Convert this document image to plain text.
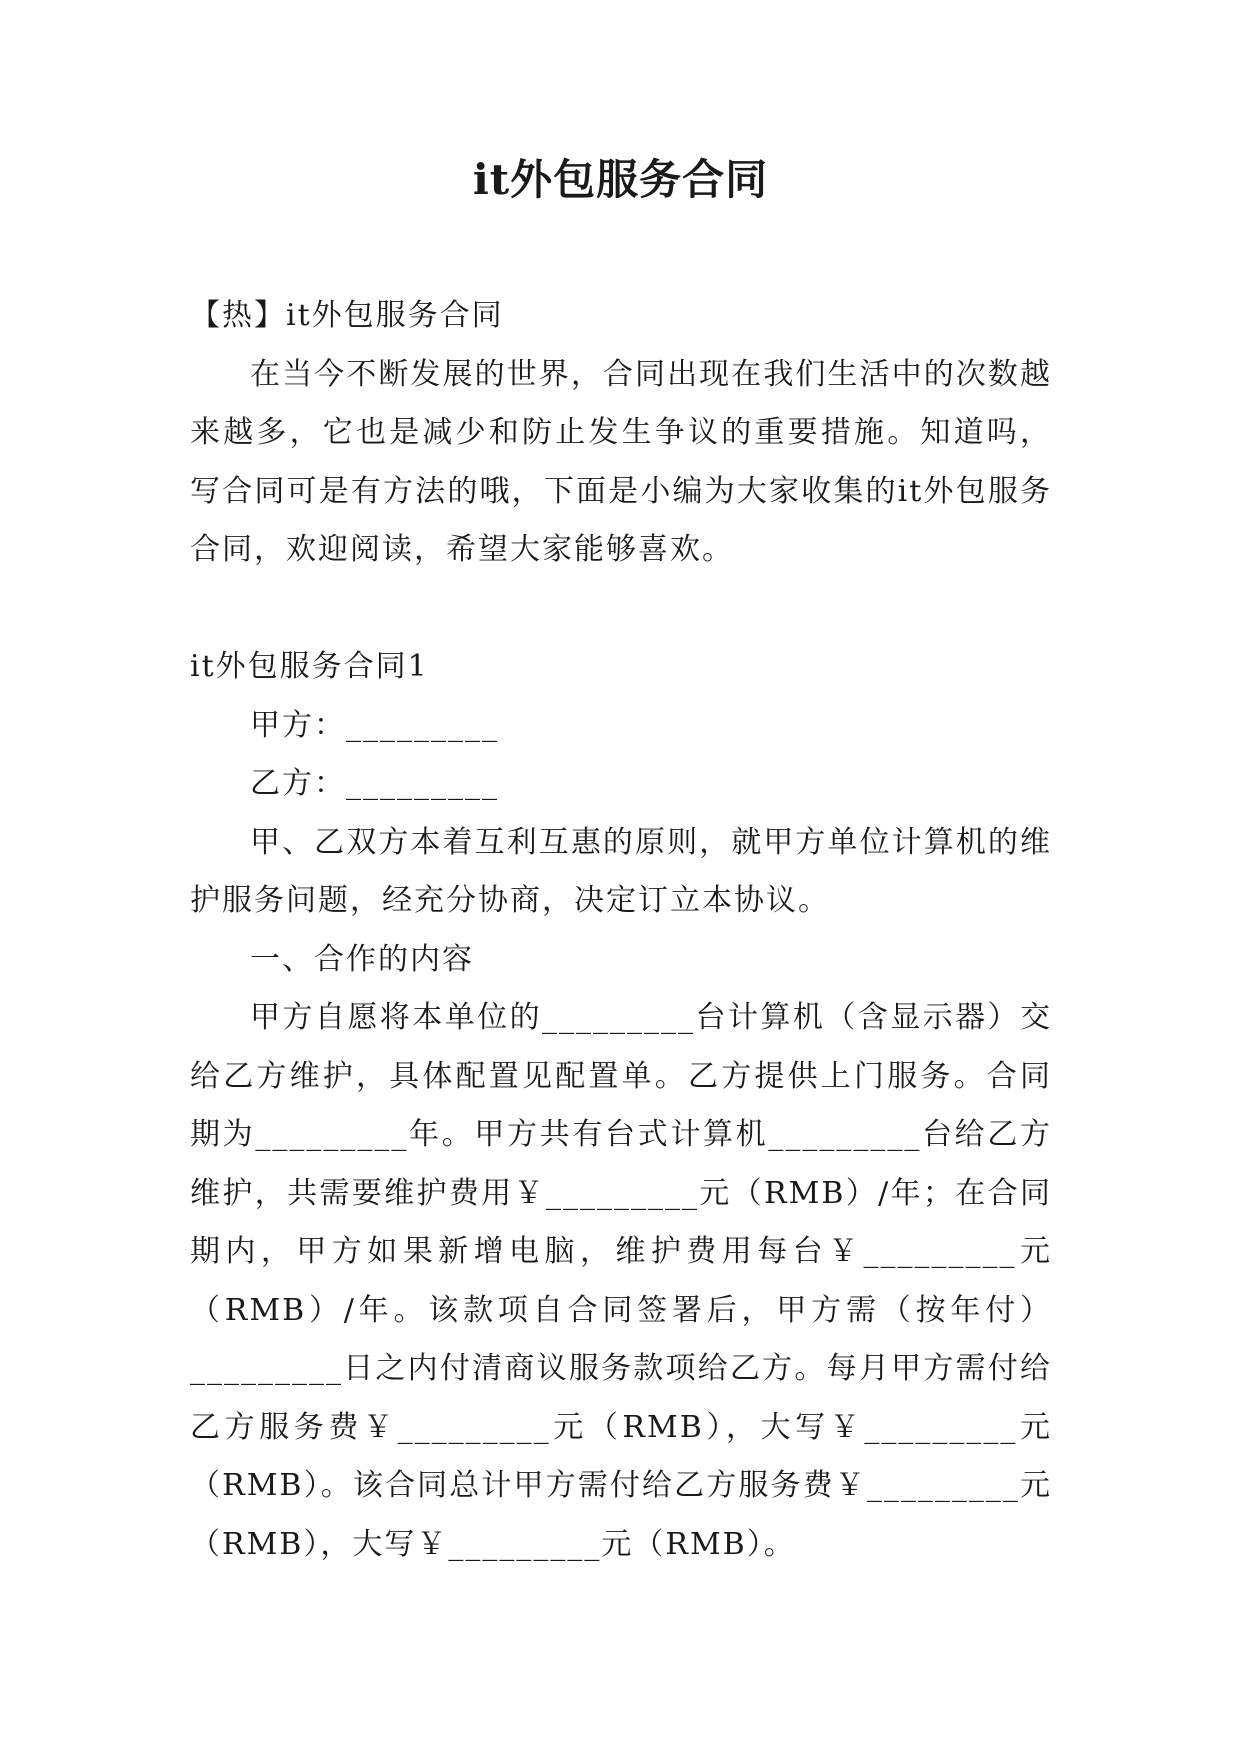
it外包服务合同

【热】it外包服务合同

在当今不断发展的世界，合同出现在我们生活中的次数越来越多，它也是减少和防止发生争议的重要措施。知道吗，写合同可是有方法的哦，下面是小编为大家收集的it外包服务合同，欢迎阅读，希望大家能够喜欢。

it外包服务合同1

甲方：_________

乙方：_________

甲、乙双方本着互利互惠的原则，就甲方单位计算机的维护服务问题，经充分协商，决定订立本协议。

一、合作的内容

甲方自愿将本单位的_________台计算机（含显示器）交给乙方维护，具体配置见配置单。乙方提供上门服务。合同期为_________年。甲方共有台式计算机_________台给乙方维护，共需要维护费用￥_________元（RMB）/年；在合同期内，甲方如果新增电脑，维护费用每台￥_________元（RMB）/年。该款项自合同签署后，甲方需（按年付）_________日之内付清商议服务款项给乙方。每月甲方需付给乙方服务费￥_________元（RMB），大写￥_________元（RMB）。该合同总计甲方需付给乙方服务费￥_________元（RMB），大写￥_________元（RMB）。
